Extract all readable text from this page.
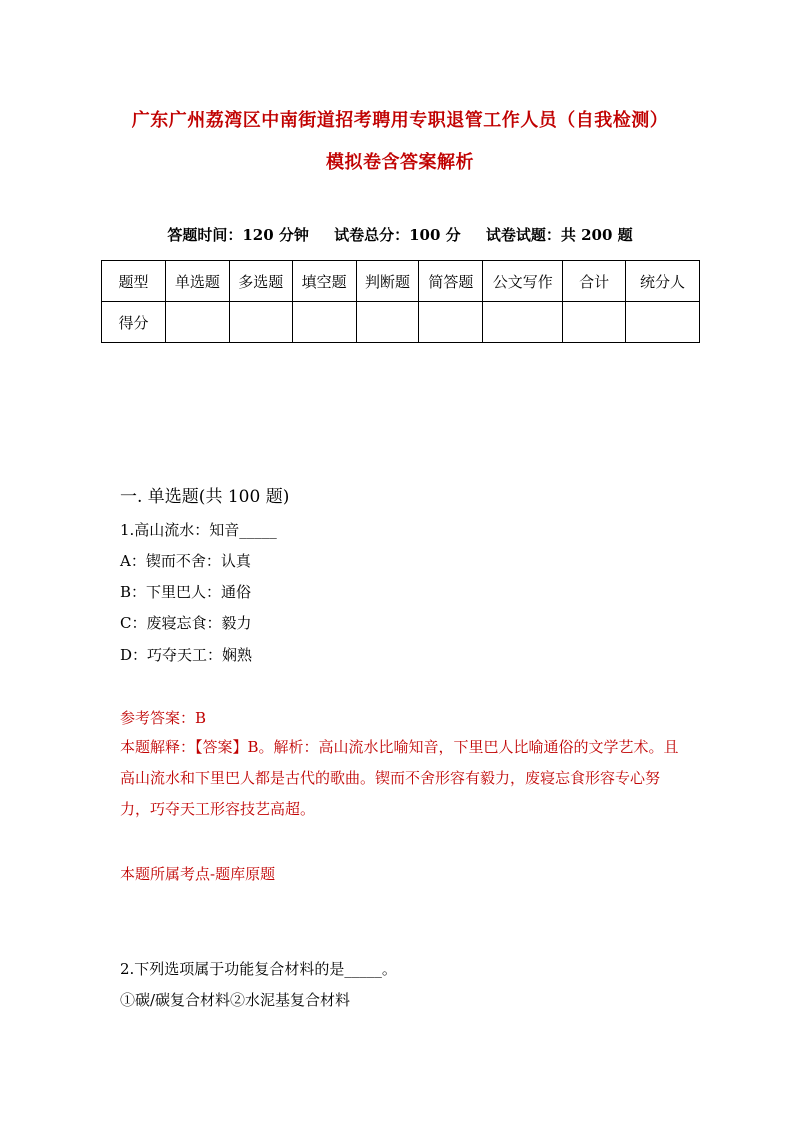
广东广州荔湾区中南街道招考聘用专职退管工作人员（自我检测）
模拟卷含答案解析
答题时间：120 分钟 试卷总分：100 分 试卷试题：共 200 题
题型	单选题	多选题	填空题	判断题	简答题	公文写作	合计	统分人
得分								
一. 单选题(共 100 题)
1.高山流水：知音_____
A：锲而不舍：认真
B：下里巴人：通俗
C：废寝忘食：毅力
D：巧夺天工：娴熟
参考答案：B
本题解释：【答案】B。解析：高山流水比喻知音，下里巴人比喻通俗的文学艺术。且高山流水和下里巴人都是古代的歌曲。锲而不舍形容有毅力，废寝忘食形容专心努力，巧夺天工形容技艺高超。
本题所属考点-题库原题
2.下列选项属于功能复合材料的是_____。
①碳/碳复合材料②水泥基复合材料
